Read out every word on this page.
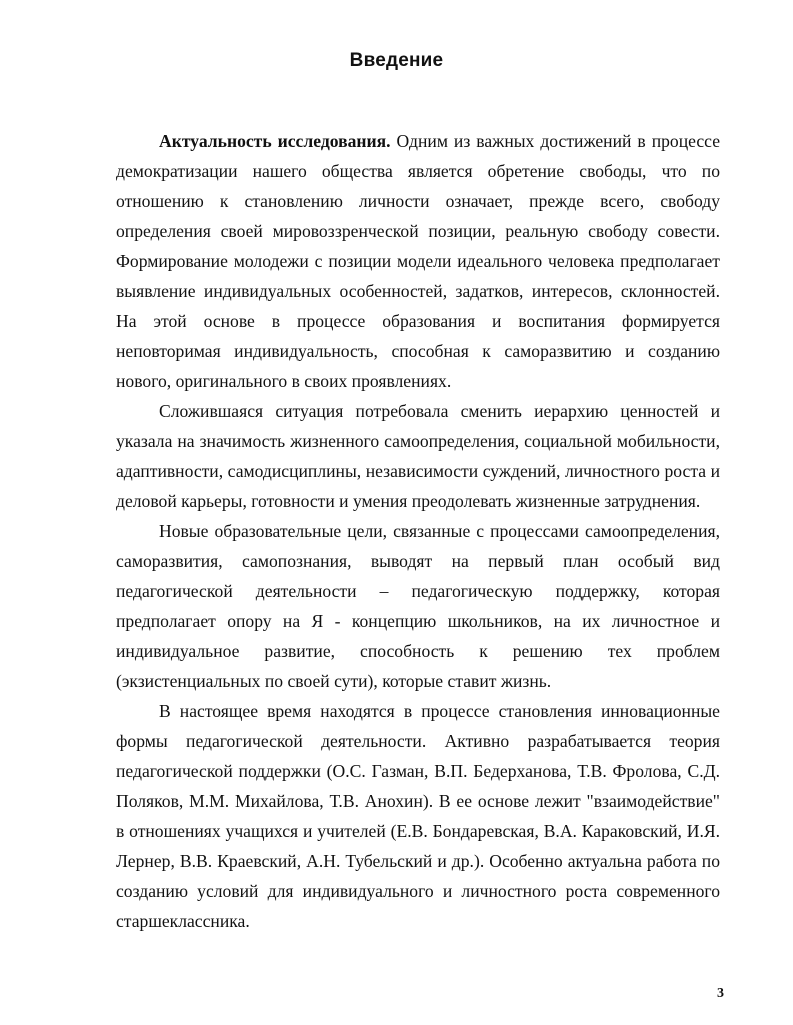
Введение

Актуальность исследования. Одним из важных достижений в процессе демократизации нашего общества является обретение свободы, что по отношению к становлению личности означает, прежде всего, свободу определения своей мировоззренческой позиции, реальную свободу совести. Формирование молодежи с позиции модели идеального человека предполагает выявление индивидуальных особенностей, задатков, интересов, склонностей. На этой основе в процессе образования и воспитания формируется неповторимая индивидуальность, способная к саморазвитию и созданию нового, оригинального в своих проявлениях.

Сложившаяся ситуация потребовала сменить иерархию ценностей и указала на значимость жизненного самоопределения, социальной мобильности, адаптивности, самодисциплины, независимости суждений, личностного роста и деловой карьеры, готовности и умения преодолевать жизненные затруднения.

Новые образовательные цели, связанные с процессами самоопределения, саморазвития, самопознания, выводят на первый план особый вид педагогической деятельности – педагогическую поддержку, которая предполагает опору на Я - концепцию школьников, на их личностное и индивидуальное развитие, способность к решению тех проблем (экзистенциальных по своей сути), которые ставит жизнь.

В настоящее время находятся в процессе становления инновационные формы педагогической деятельности. Активно разрабатывается теория педагогической поддержки (О.С. Газман, В.П. Бедерханова, Т.В. Фролова, С.Д. Поляков, М.М. Михайлова, Т.В. Анохин). В ее основе лежит "взаимодействие" в отношениях учащихся и учителей (Е.В. Бондаревская, В.А. Караковский, И.Я. Лернер, В.В. Краевский, А.Н. Тубельский и др.). Особенно актуальна работа по созданию условий для индивидуального и личностного роста современного старшеклассника.

3
